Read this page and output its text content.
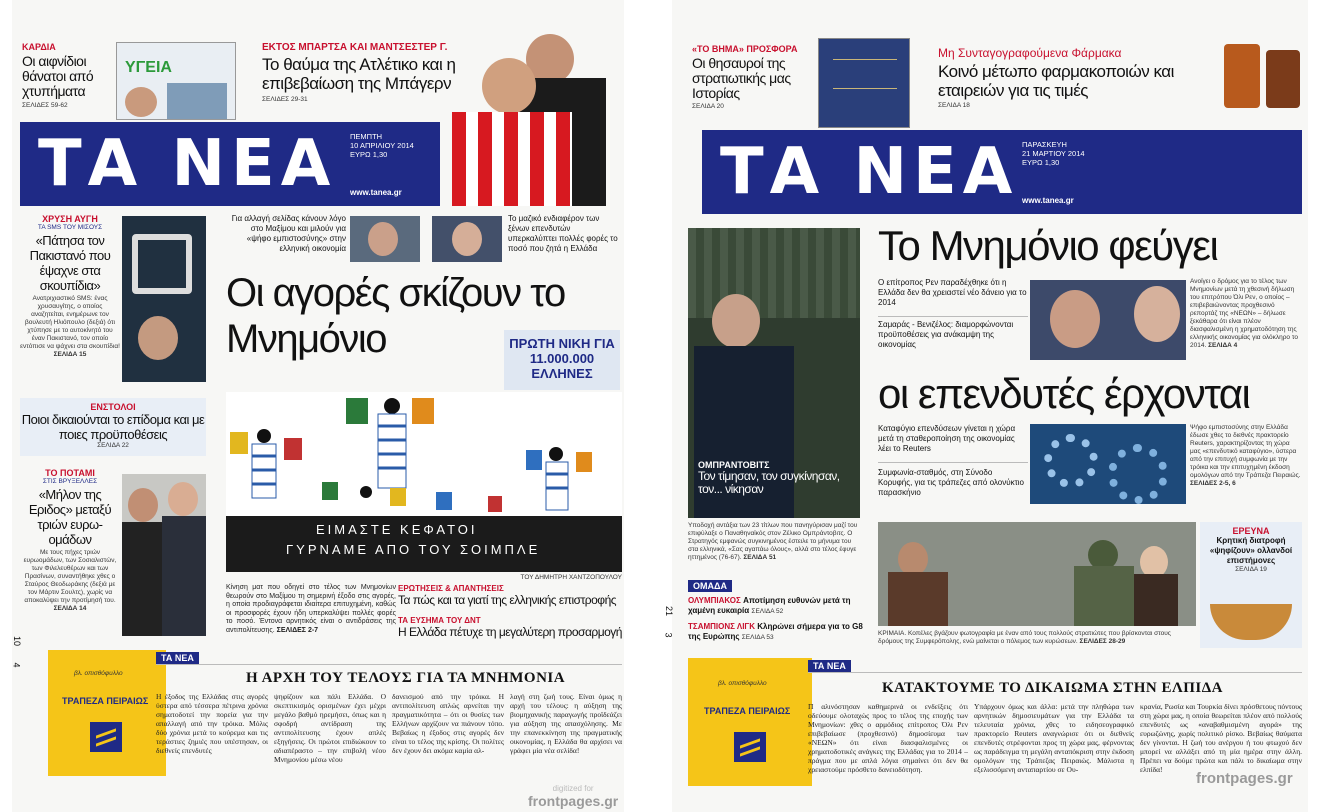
ΚΑΡΔΙΑ
Οι αιφνίδιοι θάνατοι από χτυπήματα
ΣΕΛΙΔΕΣ 59-62
ΥΓΕΙΑ
ΕΚΤΟΣ ΜΠΑΡΤΣΑ ΚΑΙ ΜΑΝΤΣΕΣΤΕΡ Γ.
Το θαύμα της Ατλέτικο και η επιβεβαίωση της Μπάγερν
ΣΕΛΙΔΕΣ 29-31
ΤΑ ΝΕΑ ΠΕΜΠΤΗ
10 ΑΠΡΙΛΙΟΥ 2014
ΕΥΡΩ 1,30
www.tanea.gr
ΧΡΥΣΗ ΑΥΓΗ
ΤΑ SMS ΤΟΥ ΜΙΣΟΥΣ
«Πάτησα τον Πακιστανό που έψαχνε στα σκουπίδια»
Ανατριχιαστικό SMS: ένας χρυσαυγίτης, ο οποίος αναζητείται, ενημέρωνε τον βουλευτή Ηλιόπουλο (δεξιά) ότι χτύπησε με το αυτοκίνητό του έναν Πακιστανό, τον οποίο εντόπισε να ψάχνει στα σκουπίδια!
ΣΕΛΙΔΑ 15
ΕΝΣΤΟΛΟΙ
Ποιοι δικαιούνται το επίδομα και με ποιες προϋποθέσεις
ΣΕΛΙΔΑ 22
ΤΟ ΠΟΤΑΜΙ
ΣΤΙΣ ΒΡΥΞΕΛΛΕΣ
«Μήλον της Εριδος» μεταξύ τριών ευρω-ομάδων
Με τους πήχες τριών ευρωομάδων, των Σοσιαλιστών, των Φιλελευθέρων και των Πρασίνων, συναντήθηκε χθες ο Σταύρος Θεοδωράκης (δεξιά με τον Μάρτιν Σουλτς), χωρίς να αποκαλύψει την προτίμησή του.
ΣΕΛΙΔΑ 14
Για αλλαγή σελίδας κάνουν λόγο στο Μαξίμου και μιλούν για «ψήφο εμπιστοσύνης» στην ελληνική οικονομία
Το μαζικό ενδιαφέρον των ξένων επενδυτών υπερκαλύπτει πολλές φορές το ποσό που ζητά η Ελλάδα
Οι αγορές σκίζουν το Μνημόνιο	ΠΡΩΤΗ ΝΙΚΗ ΓΙΑ 11.000.000 ΕΛΛΗΝΕΣ
ΕΙΜΑΣΤΕ ΚΕΦΑΤΟΙ
ΓΥΡΝΑΜΕ ΑΠΟ ΤΟΥ ΣΟΙΜΠΛΕ
ΤΟΥ ΔΗΜΗΤΡΗ ΧΑΝΤΖΟΠΟΥΛΟΥ
Κίνηση ματ που οδηγεί στο τέλος των Μνημονίων θεωρούν στο Μαξίμου τη σημερινή έξοδο στις αγορές, η οποία προδιαγράφεται ιδιαίτερα επιτυχημένη, καθώς οι προσφορές έχουν ήδη υπερκαλύψει πολλές φορές το ποσό. Έντονα αρνητικός είναι ο αντιδράσεις της αντιπολίτευσης. ΣΕΛΙΔΕΣ 2-7
ΕΡΩΤΗΣΕΙΣ & ΑΠΑΝΤΗΣΕΙΣ
Τα πώς και τα γιατί της ελληνικής επιστροφής
ΤΑ ΕΥΣΗΜΑ ΤΟΥ ΔΝΤ
Η Ελλάδα πέτυχε τη μεγαλύτερη προσαρμογή
βλ. οπισθόφυλλο
ΤΡΑΠΕΖΑ ΠΕΙΡΑΙΩΣ
ΤΑ ΝΕΑ
Η ΑΡΧΗ ΤΟΥ ΤΕΛΟΥΣ ΓΙΑ ΤΑ ΜΝΗΜΟΝΙΑ
Η έξοδος της Ελλάδας στις αγορές ύστερα από τέσσερα πέτρινα χρόνια σηματοδοτεί την πορεία για την απαλλαγή από την τρόικα. Μόλις δύο χρόνια μετά το κούρεμα και τις τεράστιες ζημιές που υπέστησαν, οι διεθνείς επενδυτές
ψηφίζουν και πάλι Ελλάδα. Ο σκεπτικισμός ορισμένων έχει μέχρι μεγάλο βαθμό ηρεμήσει, όπως και η σφοδρή αντίδραση της αντιπολίτευσης έχουν απλές εξηγήσεις. Οι πρώτοι επιδιώκουν το αδιαπέραστο – την επιβολή νέου Μνημονίου μέσω νέου
δανεισμού από την τρόικα. Η αντιπολίτευση απλώς αρνείται την πραγματικότητα – ότι οι θυσίες των Ελλήνων αρχίζουν να πιάνουν τόπο. Βεβαίως η έξοδος στις αγορές δεν είναι το τέλος της κρίσης. Οι πολίτες δεν έχουν δει ακόμα καμία αλ-
λαγή στη ζωή τους. Είναι όμως η αρχή του τέλους: η αύξηση της βιομηχανικής παραγωγής προϊδεάζει για αύξηση της απασχόλησης. Με την επανεκκίνηση της πραγματικής οικονομίας, η Ελλάδα θα αρχίσει να γράφει μία νέα σελίδα!
10
4
digitized for
frontpages.gr
«ΤΟ ΒΗΜΑ» ΠΡΟΣΦΟΡΑ
Οι θησαυροί της στρατιωτικής μας Ιστορίας
ΣΕΛΙΔΑ 20
Μη Συνταγογραφούμενα Φάρμακα
Κοινό μέτωπο φαρμακοποιών και εταιρειών για τις τιμές
ΣΕΛΙΔΑ 18
ΤΑ ΝΕΑ ΠΑΡΑΣΚΕΥΗ
21 ΜΑΡΤΙΟΥ 2014
ΕΥΡΩ 1,30
www.tanea.gr
ΟΜΠΡΑΝΤΟΒΙΤΣ
Τον τίμησαν, τον συγκίνησαν, τον... νίκησαν
Υποδοχή αντάξια των 23 τίτλων που πανηγύρισαν μαζί του επιφύλαξε ο Παναθηναϊκός στον Ζέλικο Ομπράντοβιτς. Ο Στρατηγός εμφανώς συγκινημένος έστειλε το μήνυμα του στα ελληνικά, «Σας αγαπάω όλους», αλλά στο τέλος έφυγε ηττημένος (76-67). ΣΕΛΙΔΑ 51
ΟΜΑΔΑ
ΟΛΥΜΠΙΑΚΟΣ Αποτίμηση ευθυνών μετά τη χαμένη ευκαιρία ΣΕΛΙΔΑ 52
ΤΣΑΜΠΙΟΝΣ ΛΙΓΚ Κληρώνει σήμερα για το G8 της Ευρώπης ΣΕΛΙΔΑ 53
Το Μνημόνιο φεύγει
οι επενδυτές έρχονται
Ο επίτροπος Ρεν παραδέχθηκε ότι η Ελλάδα δεν θα χρειαστεί νέο δάνειο για το 2014
Σαμαράς - Βενιζέλος: διαμορφώνονται προϋποθέσεις για ανάκαμψη της οικονομίας
Ανοίγει ο δρόμος για το τέλος των Μνημονίων μετά τη χθεσινή δήλωση του επιτρόπου Όλι Ρεν, ο οποίος – επιβεβαιώνοντας προχθεσινό ρεπορτάζ της «ΝΕΩΝ» – δήλωσε ξεκάθαρα ότι είναι πλέον διασφαλισμένη η χρηματοδότηση της ελληνικής οικονομίας για ολόκληρο το 2014. ΣΕΛΙΔΑ 4
Καταφύγιο επενδύσεων γίνεται η χώρα μετά τη σταθεροποίηση της οικονομίας λέει το Reuters
Συμφωνία-σταθμός, στη Σύνοδο Κορυφής, για τις τράπεζες από ολονύκτιο παρασκήνιο
Ψήφο εμπιστοσύνης στην Ελλάδα έδωσε χθες το διεθνές πρακτορείο Reuters, χαρακτηρίζοντας τη χώρα μας «επενδυτικό καταφύγιο», ύστερα από την επιτυχή συμφωνία με την τρόικα και την επιτυχημένη έκδοση ομολόγων από την Τράπεζα Πειραιώς. ΣΕΛΙΔΕΣ 2-5, 6
ΚΡΙΜΑΙΑ. Κοπέλες βγάζουν φωτογραφία με έναν από τους πολλούς στρατιώτες που βρίσκονται στους δρόμους της Συμφερόπολης, ενώ μαίνεται ο πόλεμος των κυρώσεων. ΣΕΛΙΔΕΣ 28-29
ΕΡΕΥΝΑ
Κρητική διατροφή «ψηφίζουν» ολλανδοί επιστήμονες
ΣΕΛΙΔΑ 19
βλ. οπισθόφυλλο
ΤΡΑΠΕΖΑ ΠΕΙΡΑΙΩΣ
ΤΑ ΝΕΑ
ΚΑΤΑΚΤΟΥΜΕ ΤΟ ΔΙΚΑΙΩΜΑ ΣΤΗΝ ΕΛΠΙΔΑ
Π αλινόστησαν καθημερινά οι ενδείξεις ότι οδεύουμε ολοταχώς προς το τέλος της εποχής των Μνημονίων: χθες ο αρμόδιος επίτροπος Όλι Ρεν επιβεβαίωσε (προχθεσινό) δημοσίευμα των «ΝΕΩΝ» ότι είναι διασφαλισμένες οι χρηματοδοτικές ανάγκες της Ελλάδας για το 2014 – πράγμα που με απλά λόγια σημαίνει ότι δεν θα χρειαστούμε πρόσθετο δανειοδότηση.
Υπάρχουν όμως και άλλα: μετά την πληθώρα των αρνητικών δημοσιευμάτων για την Ελλάδα τα τελευταία χρόνια, χθες το ειδησεογραφικό πρακτορείο Reuters αναγνώρισε ότι οι διεθνείς επενδυτές στρέφονται προς τη χώρα μας, φέρνοντας ως παράδειγμα τη μεγάλη ανταπόκριση στην έκδοση ομολόγων της Τράπεζας Πειραιώς. Μάλιστα η εξελισσόμενη ανταπαρτίου σε Ου-
κρανία, Ρωσία και Τουρκία δίνει πρόσθετους πόντους στη χώρα μας, η οποία θεωρείται πλέον από πολλούς επενδυτές ως «αναβαθμισμένη αγορά» της ευρωζώνης, χωρίς πολιτικό ρίσκο. Βεβαίως θαύματα δεν γίνονται. Η ζωή του ανέργου ή του φτωχού δεν μπορεί να αλλάξει από τη μία ημέρα στην άλλη. Πρέπει να δούμε πρώτα και πάλι το δικαίωμα στην ελπίδα!
21
3
frontpages.gr
